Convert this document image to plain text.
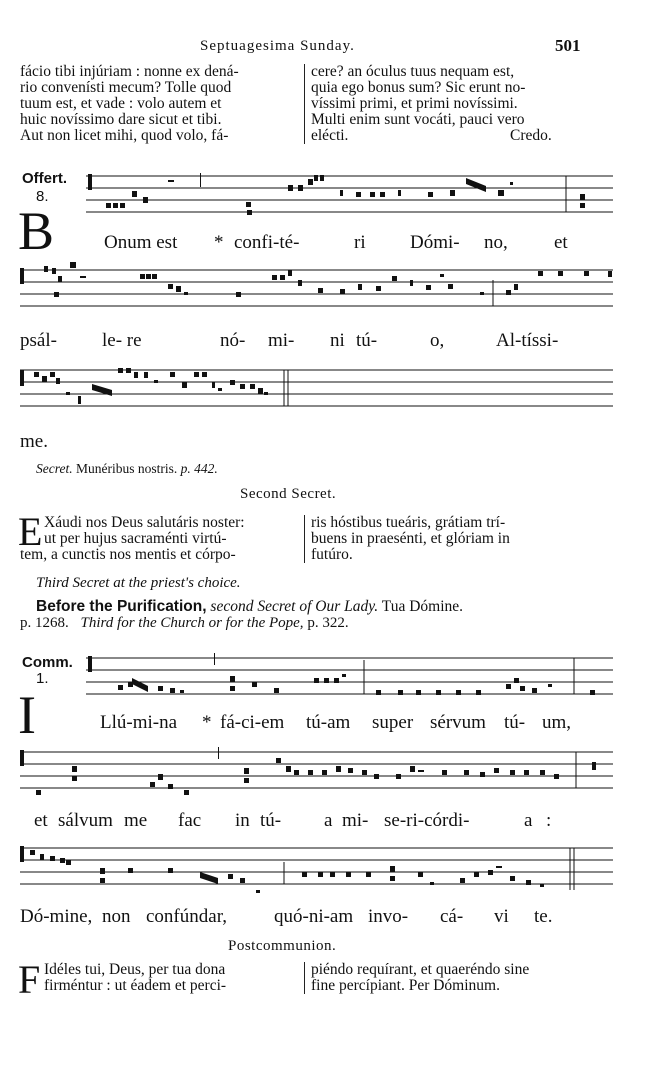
Septuagesima Sunday.	501
fácio tibi injúriam : nonne ex dená-
rio convenísti mecum? Tolle quod
tuum est, et vade : volo autem et
huic novíssimo dare sicut et tibi.
Aut non licet mihi, quod volo, fá-
cere? an óculus tuus nequam est,
quia ego bonus sum? Sic erunt no-
víssimi primi, et primi novíssimi.
Multi enim sunt vocáti, pauci vero
elécti.	Credo.
Offert.
8.
B	Onum est * confi-té-	ri Dómi- no, et
psál- le- re	nó- mi- ni tú-	o,	Al-tíssi-
me.
Secret. Munéribus nostris. p. 442.
Second Secret.
E Xáudi nos Deus salutáris noster:
ut per hujus sacraménti virtú-
tem, a cunctis nos mentis et córpo-
ris hóstibus tueáris, grátiam trí-
buens in praesénti, et glóriam in
futúro.
Third Secret at the priest's choice.
Before the Purification, second Secret of Our Lady. Tua Dómine.
p. 1268. Third for the Church or for the Pope, p. 322.
Comm.
1.
I	Llú-mi-na * fá-ci-em tú-am super sérvum tú- um,
et sálvum me fac in tú- a mi- se-ri-córdi-	a :
Dó-mine, non confúndar, quó-ni-am invo- cá- vi te.
Postcommunion.
F Idéles tui, Deus, per tua dona
firméntur : ut éadem et perci-
piéndo requírant, et quaeréndo sine
fine percípiant. Per Dóminum.
